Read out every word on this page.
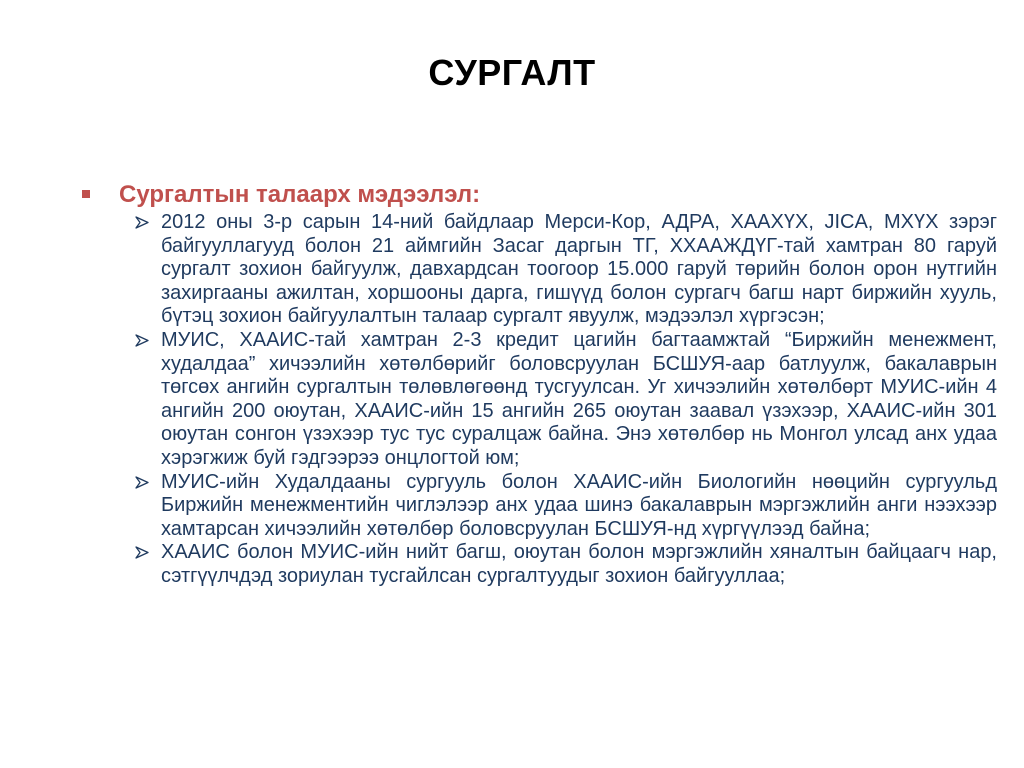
СУРГАЛТ
Сургалтын талаарх мэдээлэл:
2012 оны 3-р сарын 14-ний байдлаар Мерси-Кор, АДРА, ХААХҮХ, JICA, МХҮХ зэрэг байгууллагууд болон 21 аймгийн Засаг даргын ТГ, ХХААЖДҮГ-тай хамтран 80 гаруй сургалт зохион байгуулж, давхардсан тоогоор 15.000 гаруй төрийн болон орон нутгийн захиргааны ажилтан, хоршооны дарга, гишүүд болон сургагч багш нарт биржийн хууль, бүтэц зохион байгуулалтын талаар сургалт явуулж, мэдээлэл хүргэсэн;
МУИС, ХААИС-тай хамтран 2-3 кредит цагийн багтаамжтай “Биржийн менежмент, худалдаа” хичээлийн хөтөлбөрийг боловсруулан БСШУЯ-аар батлуулж, бакалаврын төгсөх ангийн сургалтын төлөвлөгөөнд тусгуулсан. Уг хичээлийн хөтөлбөрт МУИС-ийн 4 ангийн 200 оюутан, ХААИС-ийн 15 ангийн 265 оюутан заавал үзэхээр, ХААИС-ийн 301 оюутан сонгон үзэхээр тус тус суралцаж байна. Энэ хөтөлбөр нь Монгол улсад анх удаа хэрэгжиж буй гэдгээрээ онцлогтой юм;
МУИС-ийн Худалдааны сургууль болон ХААИС-ийн Биологийн нөөцийн сургуульд Биржийн менежментийн чиглэлээр анх удаа шинэ бакалаврын мэргэжлийн анги нээхээр хамтарсан хичээлийн хөтөлбөр боловсруулан БСШУЯ-нд хүргүүлээд байна;
ХААИС болон МУИС-ийн нийт багш, оюутан болон мэргэжлийн хяналтын байцаагч нар, сэтгүүлчдэд зориулан тусгайлсан сургалтуудыг зохион байгууллаа;
